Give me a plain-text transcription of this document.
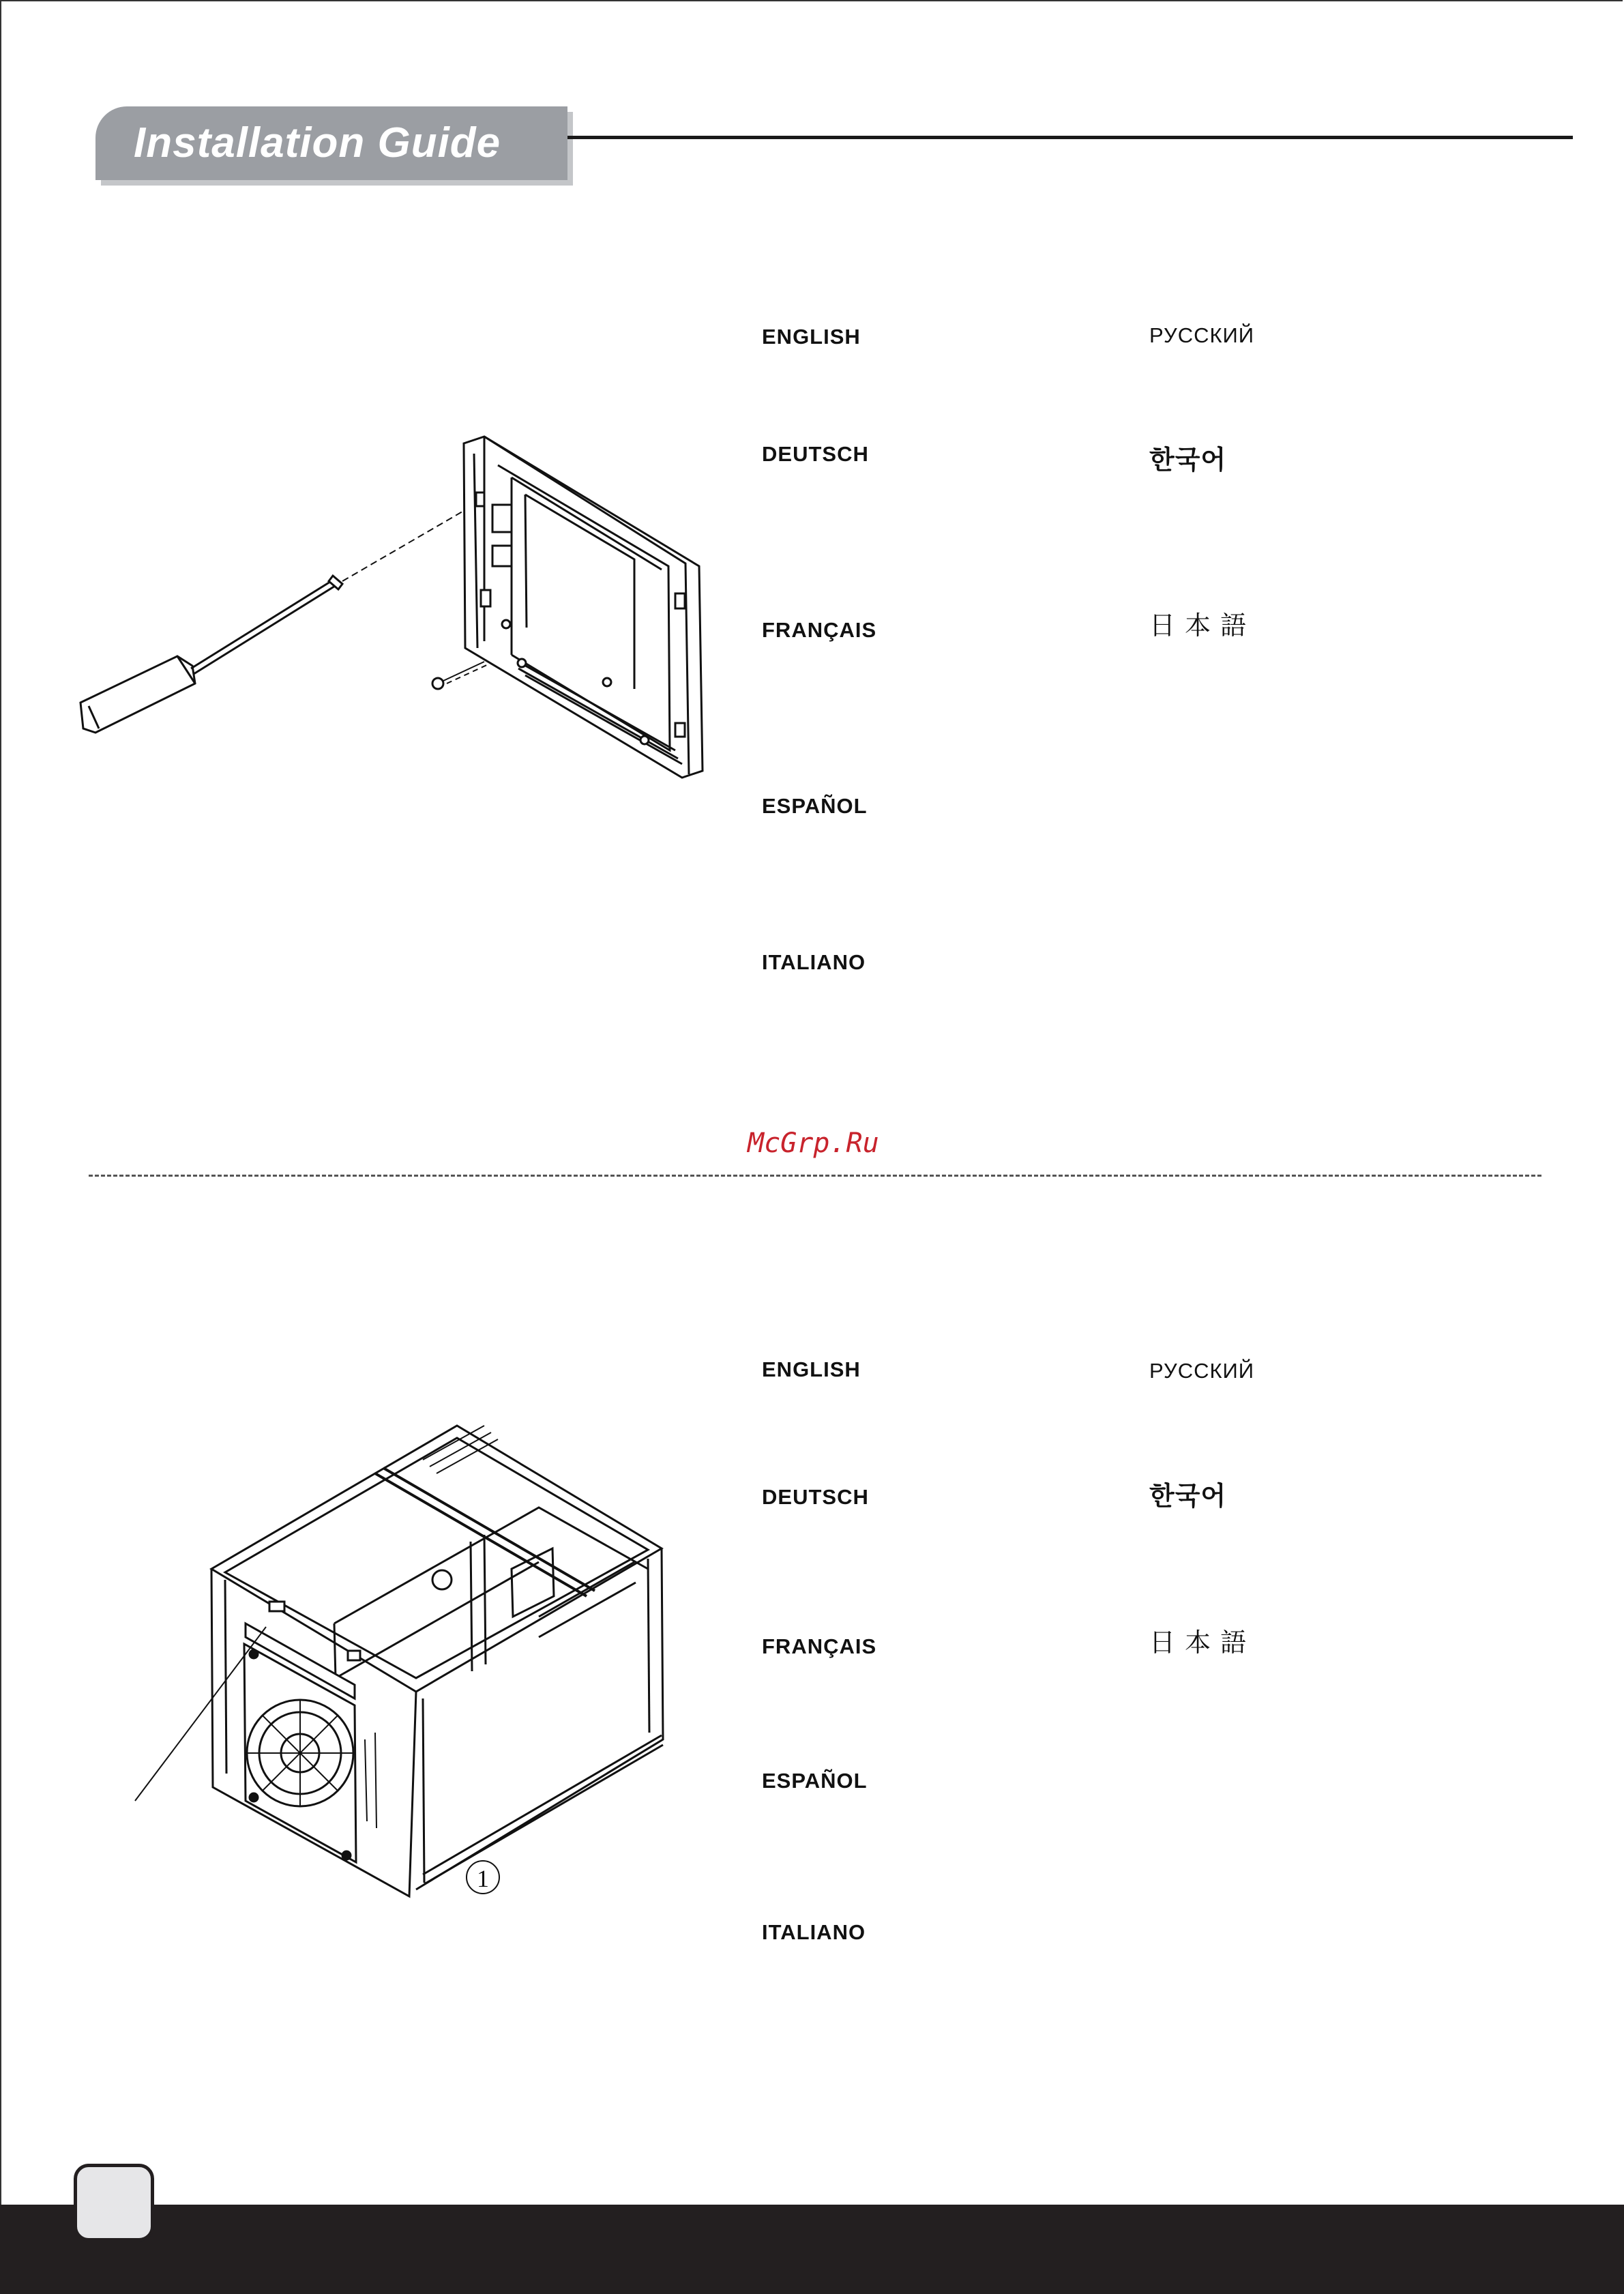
Installation Guide
ENGLISH
DEUTSCH
FRANÇAIS
ESPAÑOL
ITALIANO
РУССКИЙ
한국어
日 本 語
McGrp.Ru
1
ENGLISH
DEUTSCH
FRANÇAIS
ESPAÑOL
ITALIANO
РУССКИЙ
한국어
日 本 語
